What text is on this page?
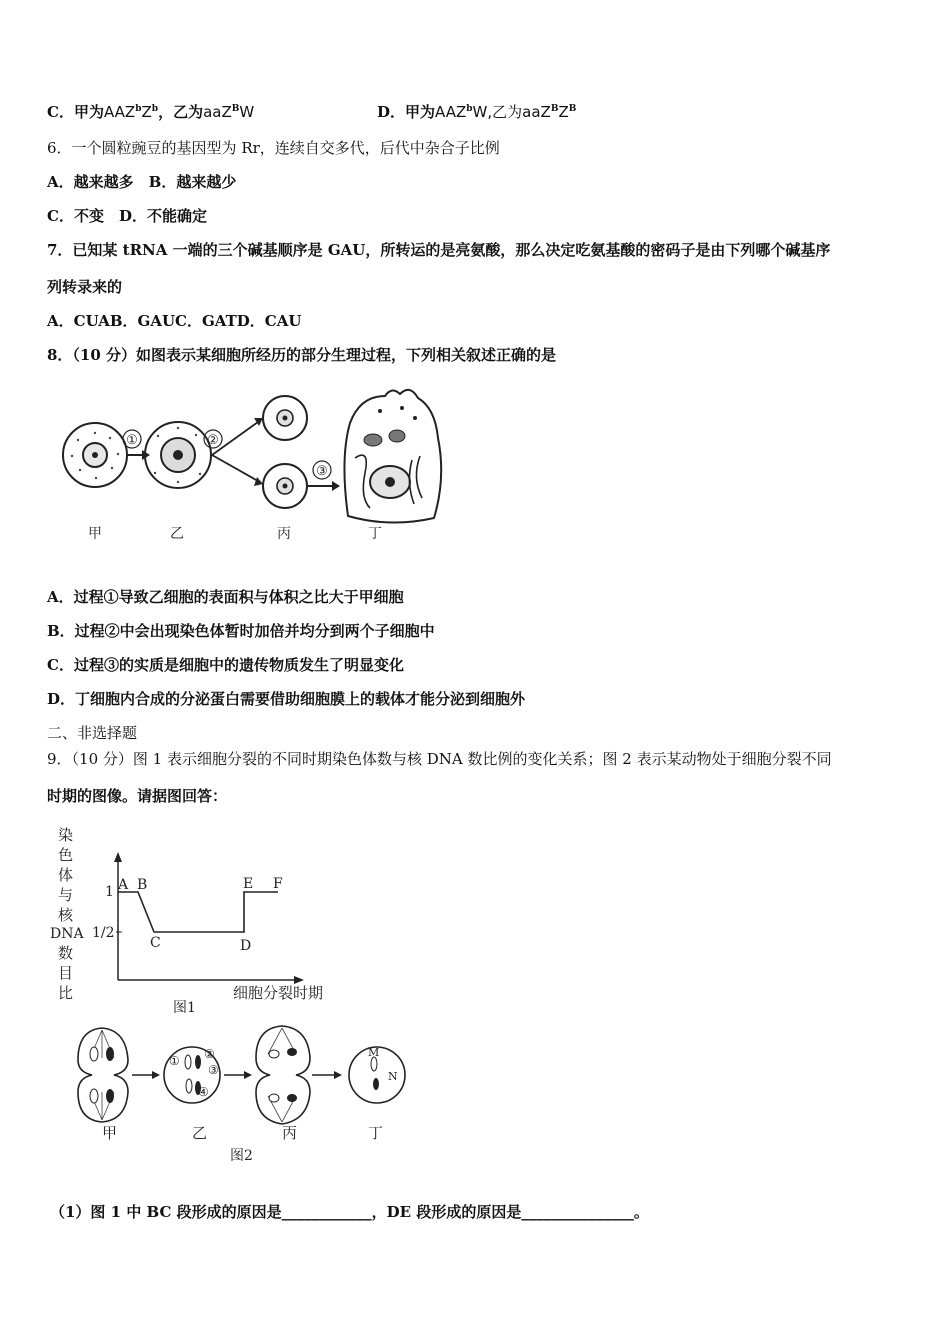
C．甲为$AAZ^bZ^b$，乙为aaZ$^B$W	D．甲为AAZ$^b$W,乙为$aaZ^BZ^B$
6．一个圆粒豌豆的基因型为 Rr，连续自交多代，后代中杂合子比例
A．越来越多　B．越来越少
C．不变　D．不能确定
7．已知某 tRNA 一端的三个碱基顺序是 GAU，所转运的是亮氨酸，那么决定吃氨基酸的密码子是由下列哪个碱基序
列转录来的
A．CUAB．GAUC．GATD．CAU
8．（10 分）如图表示某细胞所经历的部分生理过程，下列相关叙述正确的是
①	②
③
甲	乙	丙	丁
A．过程①导致乙细胞的表面积与体积之比大于甲细胞
B．过程②中会出现染色体暂时加倍并均分到两个子细胞中
C．过程③的实质是细胞中的遗传物质发生了明显变化
D．丁细胞内合成的分泌蛋白需要借助细胞膜上的载体才能分泌到细胞外
二、非选择题
9．（10 分）图 1 表示细胞分裂的不同时期染色体数与核 DNA 数比例的变化关系；图 2 表示某动物处于细胞分裂不同
时期的图像。请据图回答：
染
色
体
与
核
DNA
数
目
比
1
1/2
A B
C	D
E F
细胞分裂时期
图1
① ②
③
④
M
N
甲	乙	丙	丁
图2
（1）图 1 中 BC 段形成的原因是____________，DE 段形成的原因是_______________。
